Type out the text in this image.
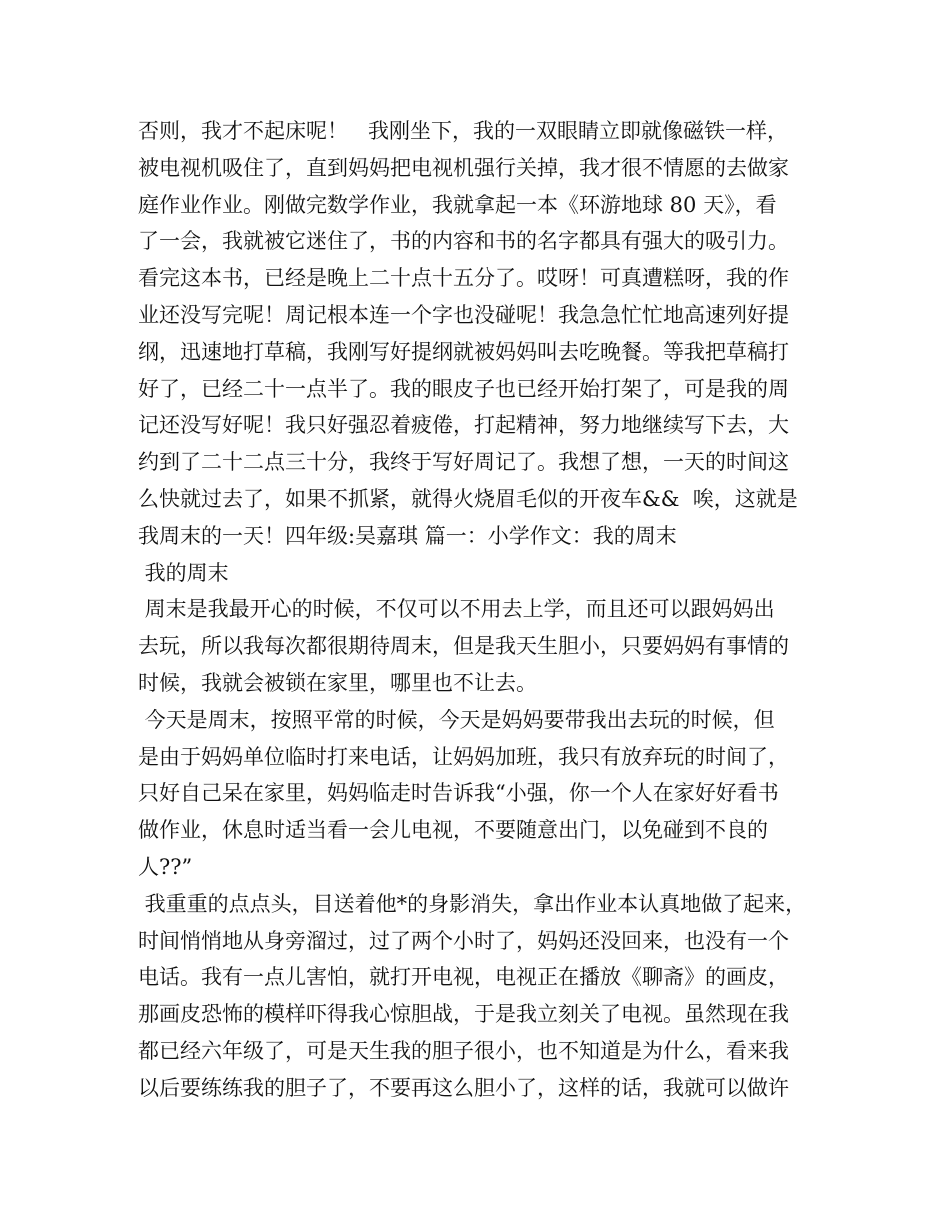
否则，我才不起床呢！   我刚坐下，我的一双眼睛立即就像磁铁一样，
被电视机吸住了，直到妈妈把电视机强行关掉，我才很不情愿的去做家
庭作业作业。刚做完数学作业，我就拿起一本《环游地球 80 天》，看
了一会，我就被它迷住了，书的内容和书的名字都具有强大的吸引力。
看完这本书，已经是晚上二十点十五分了。哎呀！可真遭糕呀，我的作
业还没写完呢！周记根本连一个字也没碰呢！我急急忙忙地高速列好提
纲，迅速地打草稿，我刚写好提纲就被妈妈叫去吃晚餐。等我把草稿打
好了，已经二十一点半了。我的眼皮子也已经开始打架了，可是我的周
记还没写好呢！我只好强忍着疲倦，打起精神，努力地继续写下去，大
约到了二十二点三十分，我终于写好周记了。我想了想，一天的时间这
么快就过去了，如果不抓紧，就得火烧眉毛似的开夜车&&  唉，这就是
我周末的一天！四年级:吴嘉琪 篇一：小学作文：我的周末
我的周末
周末是我最开心的时候，不仅可以不用去上学，而且还可以跟妈妈出
去玩，所以我每次都很期待周末，但是我天生胆小，只要妈妈有事情的
时候，我就会被锁在家里，哪里也不让去。
今天是周末，按照平常的时候，今天是妈妈要带我出去玩的时候，但
是由于妈妈单位临时打来电话，让妈妈加班，我只有放弃玩的时间了，
只好自己呆在家里，妈妈临走时告诉我“小强，你一个人在家好好看书
做作业，休息时适当看一会儿电视，不要随意出门，以免碰到不良的
人??”
我重重的点点头，目送着他*的身影消失，拿出作业本认真地做了起来，
时间悄悄地从身旁溜过，过了两个小时了，妈妈还没回来，也没有一个
电话。我有一点儿害怕，就打开电视，电视正在播放《聊斋》的画皮，
那画皮恐怖的模样吓得我心惊胆战，于是我立刻关了电视。虽然现在我
都已经六年级了，可是天生我的胆子很小，也不知道是为什么，看来我
以后要练练我的胆子了，不要再这么胆小了，这样的话，我就可以做许
